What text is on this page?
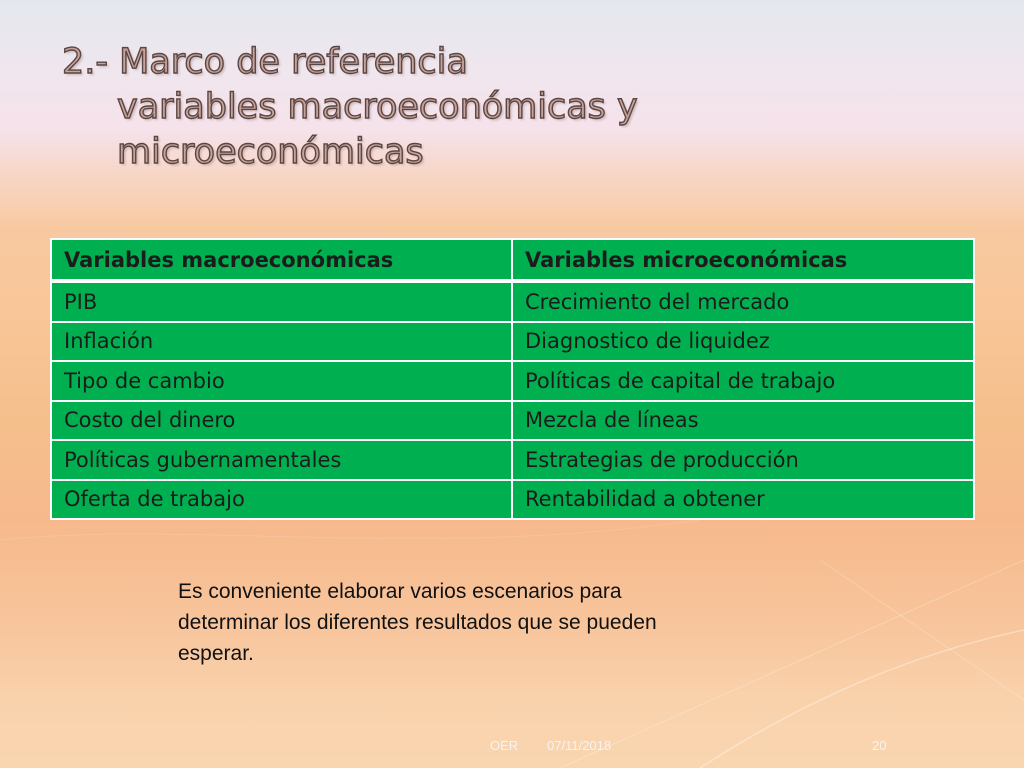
2.- Marco de referencia
variables macroeconómicas y
microeconómicas
Variables macroeconómicas	Variables microeconómicas
PIB	Crecimiento del mercado
Inflación	Diagnostico de liquidez
Tipo de cambio	Políticas de capital de trabajo
Costo del dinero	Mezcla de líneas
Políticas gubernamentales	Estrategias de producción
Oferta de trabajo	Rentabilidad a obtener
Es conveniente elaborar varios escenarios para
determinar los diferentes resultados que se pueden
esperar.
OER 07/11/2018	20
